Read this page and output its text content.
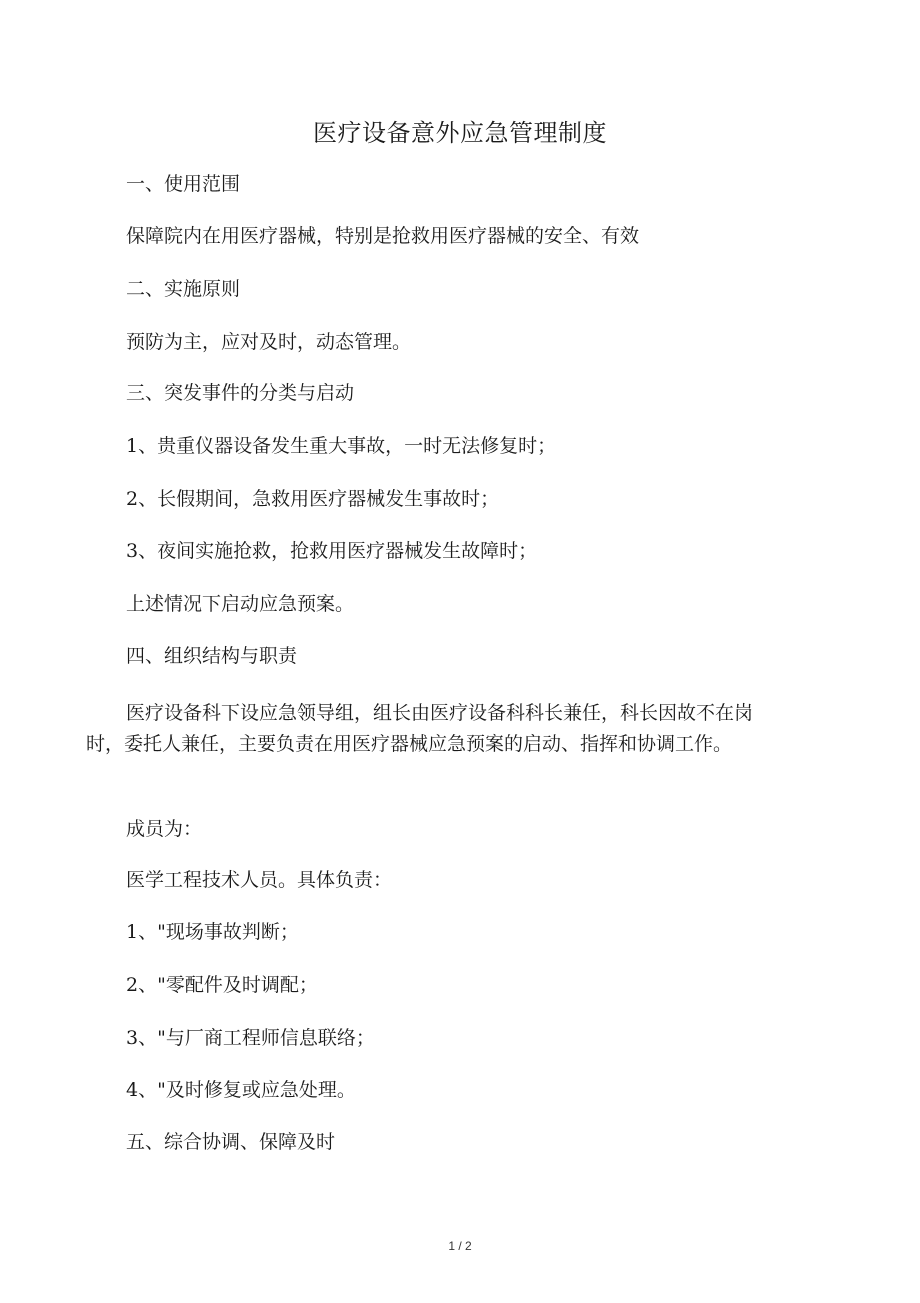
医疗设备意外应急管理制度
一、使用范围
保障院内在用医疗器械，特别是抢救用医疗器械的安全、有效
二、实施原则
预防为主，应对及时，动态管理。
三、突发事件的分类与启动
1、贵重仪器设备发生重大事故，一时无法修复时；
2、长假期间，急救用医疗器械发生事故时；
3、夜间实施抢救，抢救用医疗器械发生故障时；
上述情况下启动应急预案。
四、组织结构与职责
医疗设备科下设应急领导组，组长由医疗设备科科长兼任，科长因故不在岗时，委托人兼任，主要负责在用医疗器械应急预案的启动、指挥和协调工作。
成员为：
医学工程技术人员。具体负责：
1、"现场事故判断；
2、"零配件及时调配；
3、"与厂商工程师信息联络；
4、"及时修复或应急处理。
五、综合协调、保障及时
1 / 2
